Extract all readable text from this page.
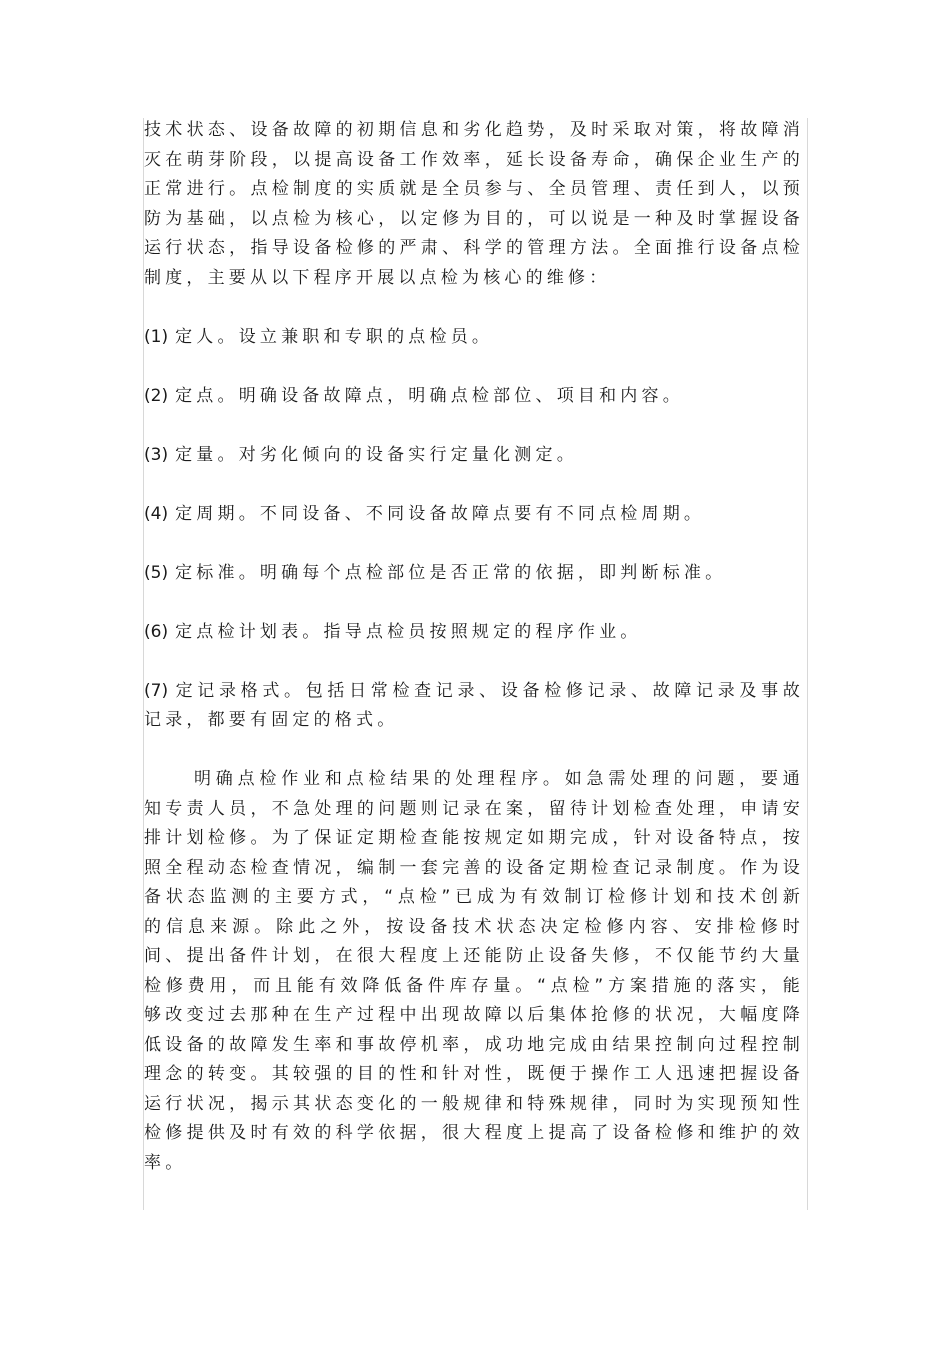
技术状态、设备故障的初期信息和劣化趋势，及时采取对策，将故障消灭在萌芽阶段，以提高设备工作效率，延长设备寿命，确保企业生产的正常进行。点检制度的实质就是全员参与、全员管理、责任到人，以预防为基础，以点检为核心，以定修为目的，可以说是一种及时掌握设备运行状态，指导设备检修的严肃、科学的管理方法。全面推行设备点检制度，主要从以下程序开展以点检为核心的维修：

(1) 定人。设立兼职和专职的点检员。

(2) 定点。明确设备故障点，明确点检部位、项目和内容。

(3) 定量。对劣化倾向的设备实行定量化测定。

(4) 定周期。不同设备、不同设备故障点要有不同点检周期。

(5) 定标准。明确每个点检部位是否正常的依据，即判断标准。

(6) 定点检计划表。指导点检员按照规定的程序作业。

(7) 定记录格式。包括日常检查记录、设备检修记录、故障记录及事故记录，都要有固定的格式。

明确点检作业和点检结果的处理程序。如急需处理的问题，要通知专责人员，不急处理的问题则记录在案，留待计划检查处理，申请安排计划检修。为了保证定期检查能按规定如期完成，针对设备特点，按照全程动态检查情况，编制一套完善的设备定期检查记录制度。作为设备状态监测的主要方式，“点检”已成为有效制订检修计划和技术创新的信息来源。除此之外，按设备技术状态决定检修内容、安排检修时间、提出备件计划，在很大程度上还能防止设备失修，不仅能节约大量检修费用，而且能有效降低备件库存量。“点检”方案措施的落实，能够改变过去那种在生产过程中出现故障以后集体抢修的状况，大幅度降低设备的故障发生率和事故停机率，成功地完成由结果控制向过程控制理念的转变。其较强的目的性和针对性，既便于操作工人迅速把握设备运行状况，揭示其状态变化的一般规律和特殊规律，同时为实现预知性检修提供及时有效的科学依据，很大程度上提高了设备检修和维护的效率。
